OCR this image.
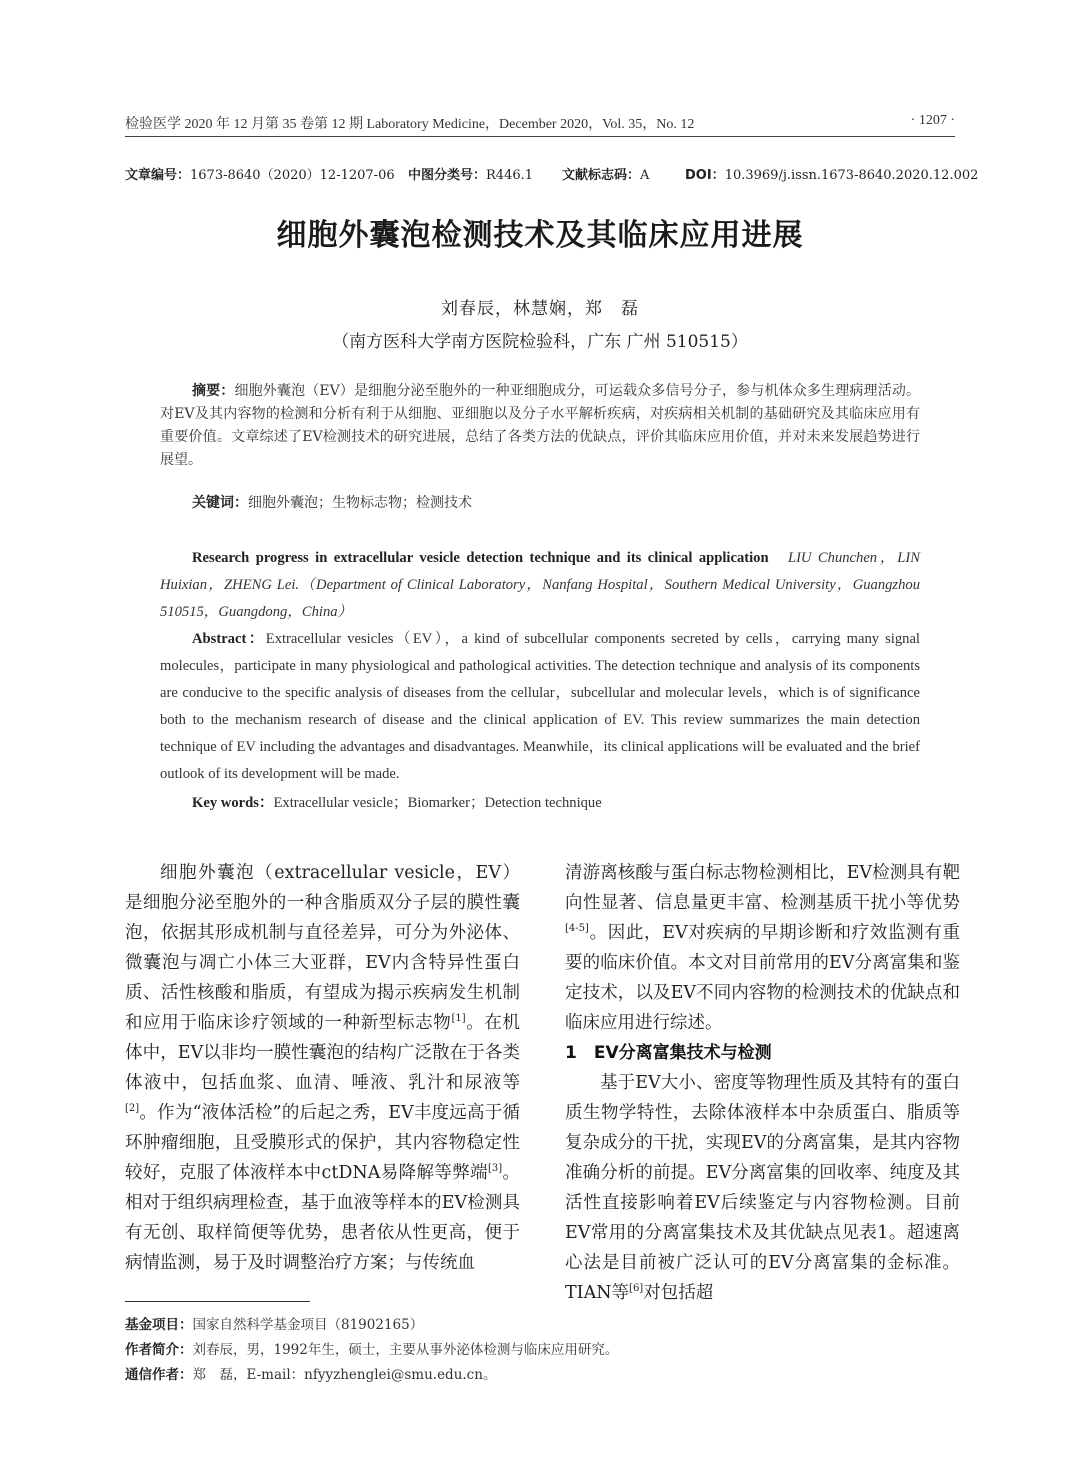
检验医学 2020 年 12 月第 35 卷第 12 期 Laboratory Medicine，December 2020，Vol. 35，No. 12	· 1207 ·
文章编号：1673-8640（2020）12-1207-06 中图分类号：R446.1 文献标志码：A	DOI：10.3969/j.issn.1673-8640.2020.12.002
细胞外囊泡检测技术及其临床应用进展
刘春辰，林慧娴，郑　磊
（南方医科大学南方医院检验科，广东 广州 510515）
摘要：细胞外囊泡（EV）是细胞分泌至胞外的一种亚细胞成分，可运载众多信号分子，参与机体众多生理病理活动。对EV及其内容物的检测和分析有利于从细胞、亚细胞以及分子水平解析疾病，对疾病相关机制的基础研究及其临床应用有重要价值。文章综述了EV检测技术的研究进展，总结了各类方法的优缺点，评价其临床应用价值，并对未来发展趋势进行展望。
关键词：细胞外囊泡；生物标志物；检测技术
Research progress in extracellular vesicle detection technique and its clinical application LIU Chunchen，LIN Huixian，ZHENG Lei.（Department of Clinical Laboratory，Nanfang Hospital，Southern Medical University，Guangzhou 510515，Guangdong，China）
Abstract：Extracellular vesicles（EV），a kind of subcellular components secreted by cells，carrying many signal molecules，participate in many physiological and pathological activities. The detection technique and analysis of its components are conducive to the specific analysis of diseases from the cellular，subcellular and molecular levels，which is of significance both to the mechanism research of disease and the clinical application of EV. This review summarizes the main detection technique of EV including the advantages and disadvantages. Meanwhile，its clinical applications will be evaluated and the brief outlook of its development will be made.
Key words：Extracellular vesicle；Biomarker；Detection technique

细胞外囊泡（extracellular vesicle，EV）是细胞分泌至胞外的一种含脂质双分子层的膜性囊泡，依据其形成机制与直径差异，可分为外泌体、微囊泡与凋亡小体三大亚群，EV内含特异性蛋白质、活性核酸和脂质，有望成为揭示疾病发生机制和应用于临床诊疗领域的一种新型标志物[1]。在机体中，EV以非均一膜性囊泡的结构广泛散在于各类体液中，包括血浆、血清、唾液、乳汁和尿液等[2]。作为“液体活检”的后起之秀，EV丰度远高于循环肿瘤细胞，且受膜形式的保护，其内容物稳定性较好，克服了体液样本中ctDNA易降解等弊端[3]。相对于组织病理检查，基于血液等样本的EV检测具有无创、取样简便等优势，患者依从性更高，便于病情监测，易于及时调整治疗方案；与传统血

清游离核酸与蛋白标志物检测相比，EV检测具有靶向性显著、信息量更丰富、检测基质干扰小等优势[4-5]。因此，EV对疾病的早期诊断和疗效监测有重要的临床价值。本文对目前常用的EV分离富集和鉴定技术，以及EV不同内容物的检测技术的优缺点和临床应用进行综述。

1　EV分离富集技术与检测

基于EV大小、密度等物理性质及其特有的蛋白质生物学特性，去除体液样本中杂质蛋白、脂质等复杂成分的干扰，实现EV的分离富集，是其内容物准确分析的前提。EV分离富集的回收率、纯度及其活性直接影响着EV后续鉴定与内容物检测。目前EV常用的分离富集技术及其优缺点见表1。超速离心法是目前被广泛认可的EV分离富集的金标准。TIAN等[6]对包括超

基金项目：国家自然科学基金项目（81902165）
作者简介：刘春辰，男，1992年生，硕士，主要从事外泌体检测与临床应用研究。
通信作者：郑　磊，E-mail：nfyyzhenglei@smu.edu.cn。
